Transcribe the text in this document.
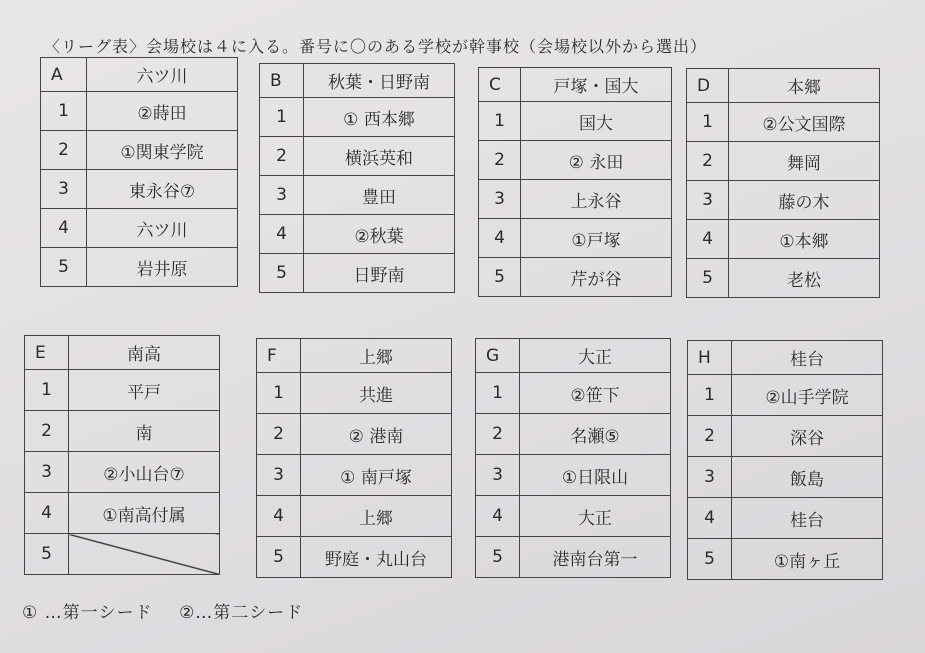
〈リーグ表〉会場校は４に入る。番号に〇のある学校が幹事校（会場校以外から選出）
A	六ツ川
1	②蒔田
2	①関東学院
3	東永谷⑦
4	六ツ川
5	岩井原
B	秋葉・日野南
1	① 西本郷
2	横浜英和
3	豊田
4	②秋葉
5	日野南
C	戸塚・国大
1	国大
2	② 永田
3	上永谷
4	①戸塚
5	芹が谷
D	本郷
1	②公文国際
2	舞岡
3	藤の木
4	①本郷
5	老松
E	南高
1	平戸
2	南
3	②小山台⑦
4	①南高付属
5	
F	上郷
1	共進
2	② 港南
3	① 南戸塚
4	上郷
5	野庭・丸山台
G	大正
1	②笹下
2	名瀬⑤
3	①日限山
4	大正
5	港南台第一
H	桂台
1	②山手学院
2	深谷
3	飯島
4	桂台
5	①南ヶ丘
① …第一シード ②…第二シード
